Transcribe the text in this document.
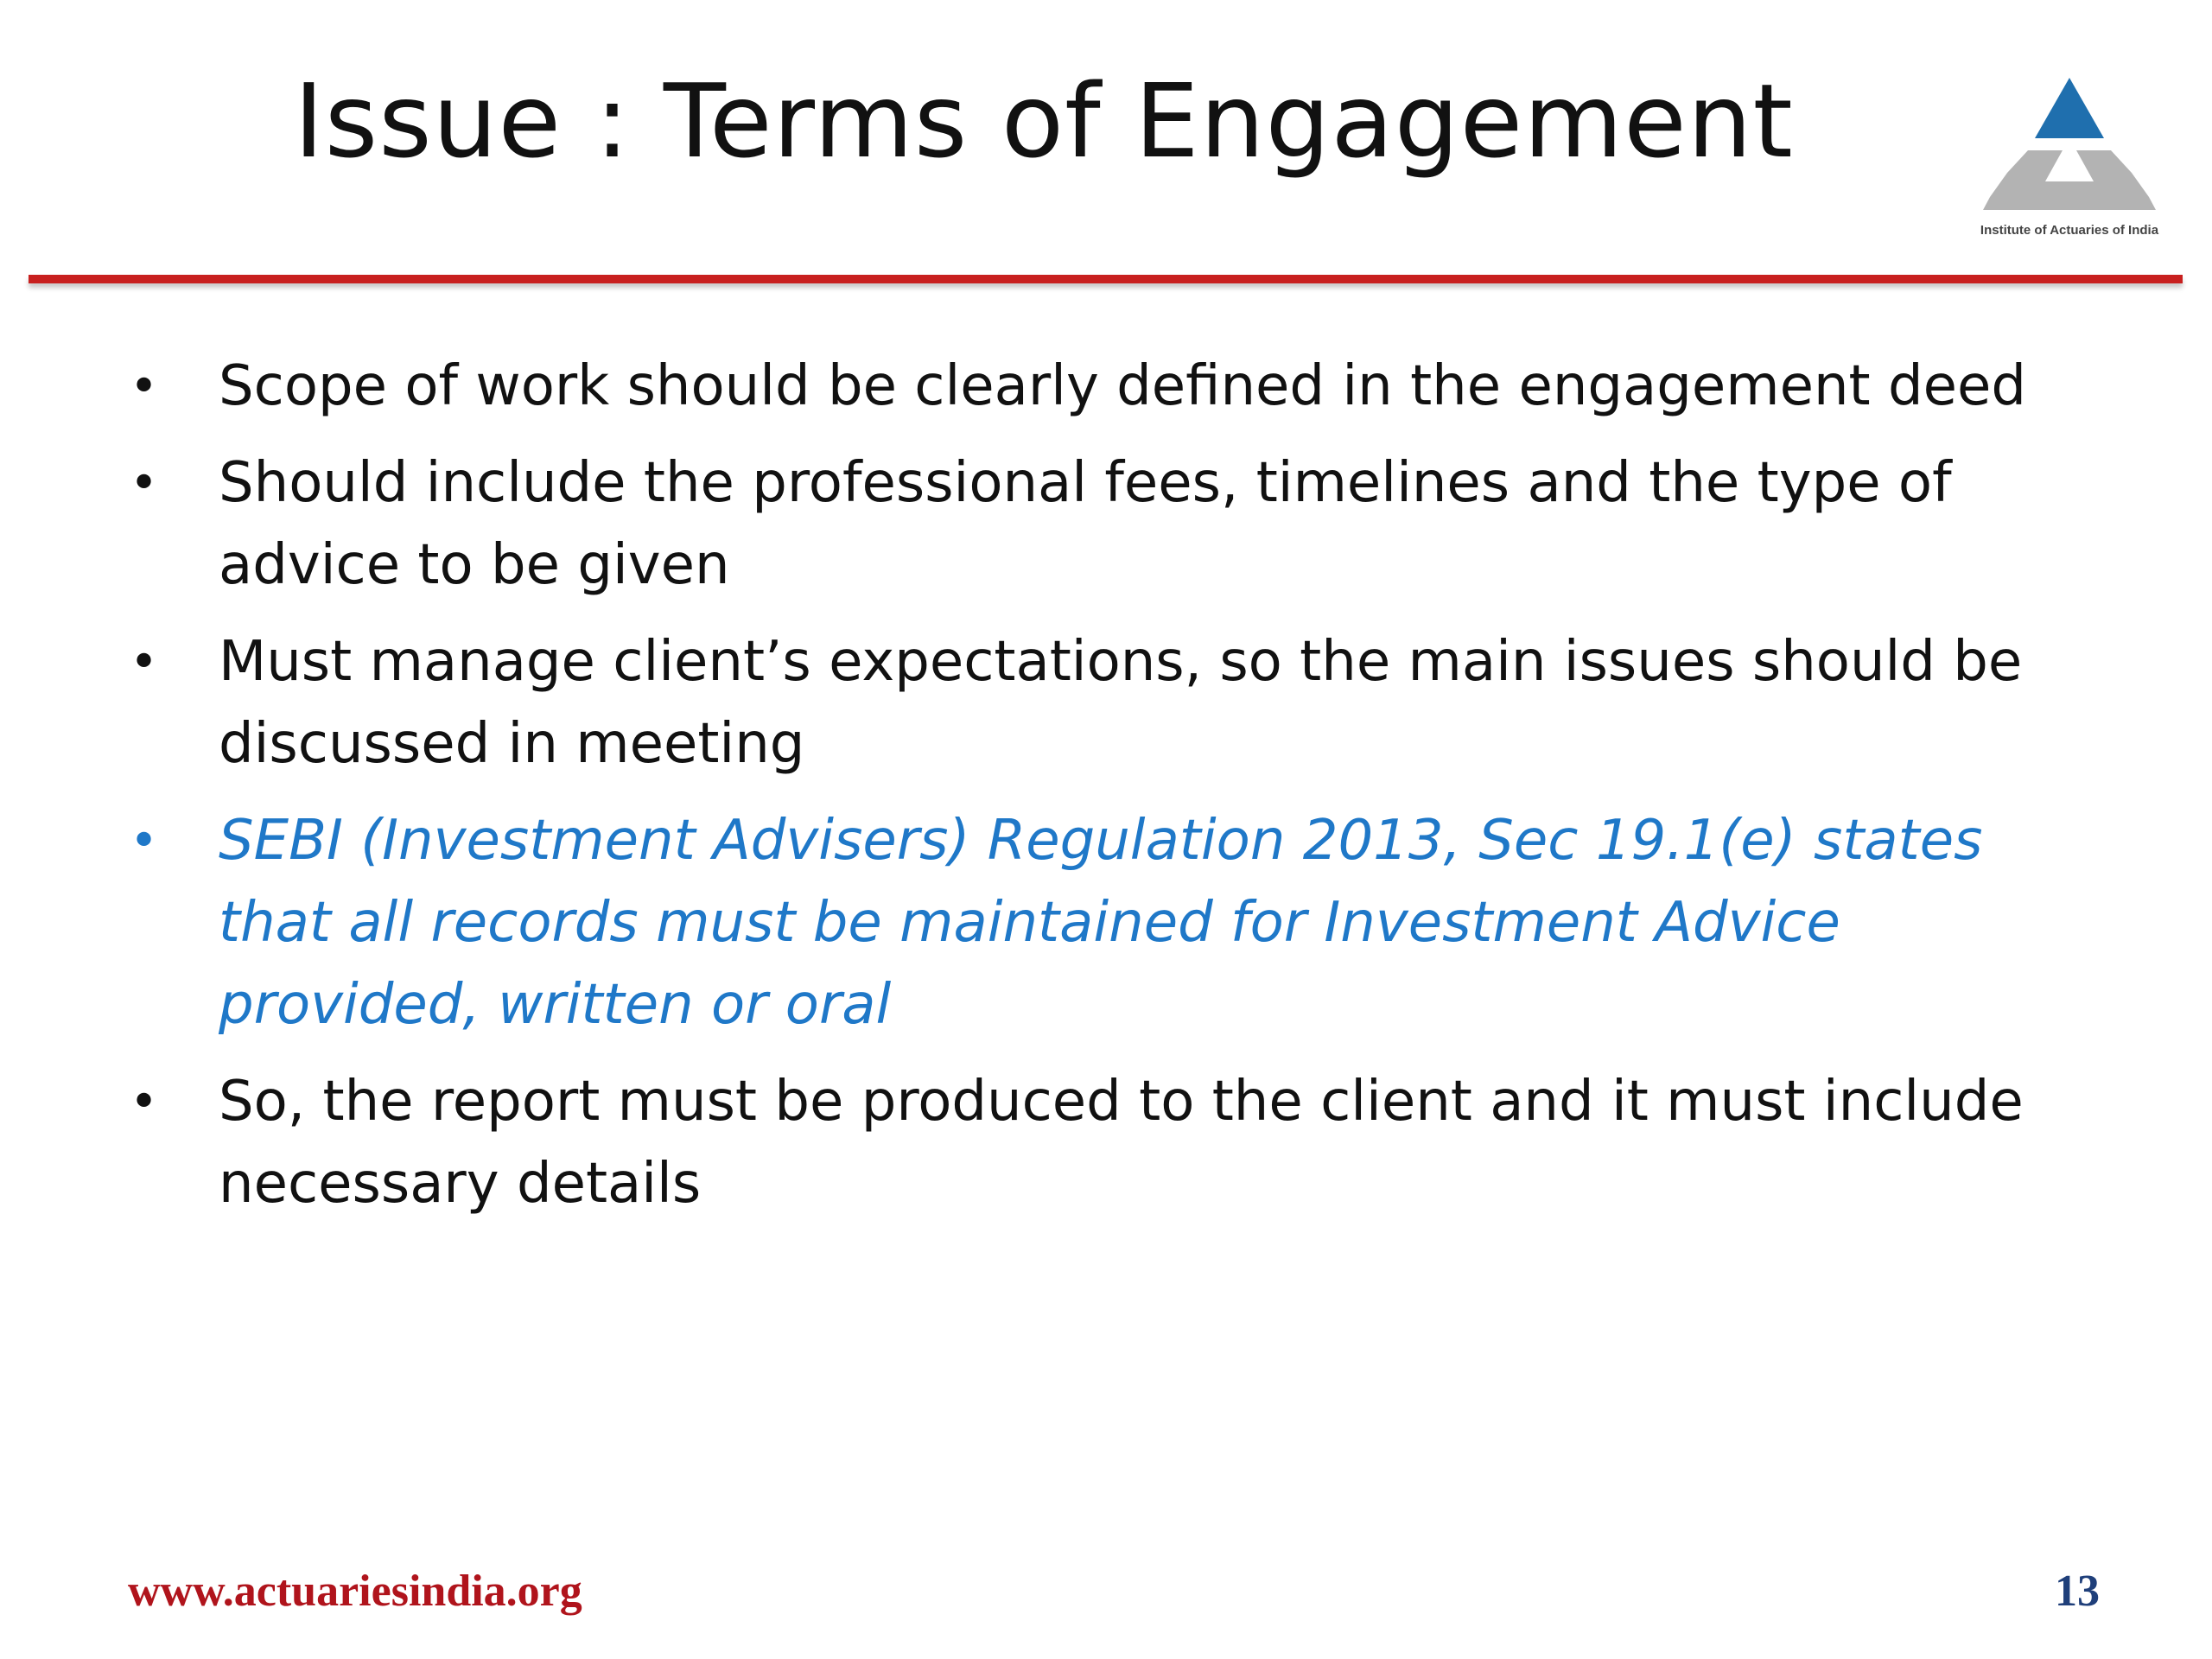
Issue : Terms of Engagement
Institute of Actuaries of India
•	Scope of work should be clearly defined in the engagement deed
•	Should include the professional fees, timelines and the type of advice to be given
•	Must manage client’s expectations, so the main issues should be discussed in meeting
•	SEBI (Investment Advisers) Regulation 2013, Sec 19.1(e) states that all records must be maintained for Investment Advice provided, written or oral
•	So, the report must be produced to the client and it must include necessary details
www.actuariesindia.org	13
